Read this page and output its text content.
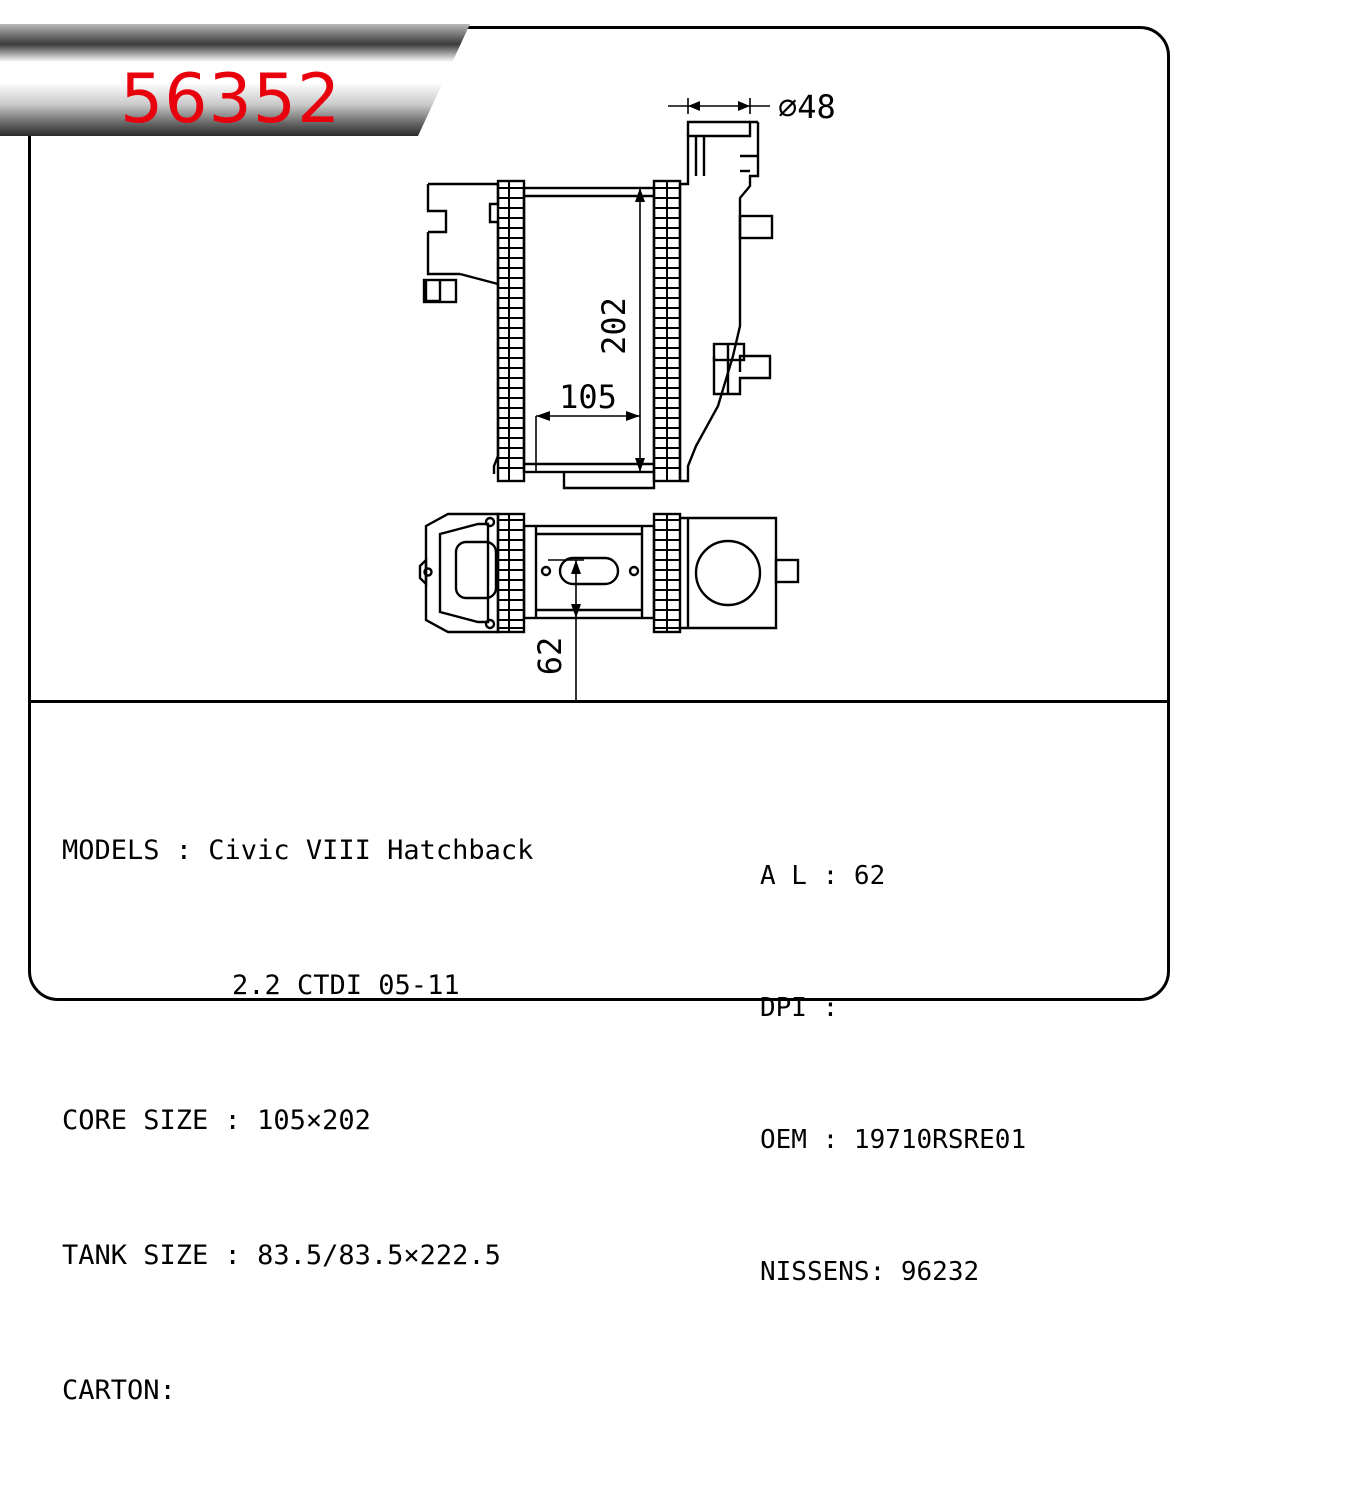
⌀48
202
105
62
56352

MODELS : Civic VIII Hatchback

2.2 CTDI 05-11

CORE SIZE : 105×202

TANK SIZE : 83.5/83.5×222.5

CARTON:

A L : 62

DPI :

OEM : 19710RSRE01

NISSENS: 96232
